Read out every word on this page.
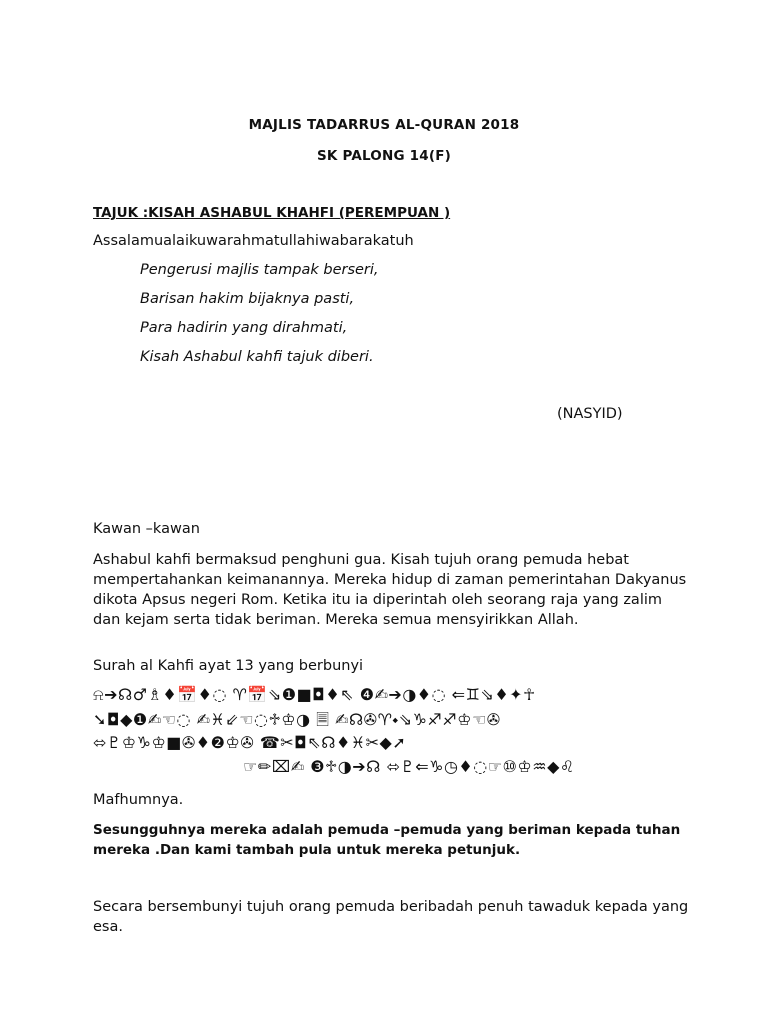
MAJLIS TADARRUS AL-QURAN 2018
SK PALONG 14(F)
TAJUK :KISAH ASHABUL KHAHFI (PEREMPUAN )
Assalamualaikuwarahmatullahiwabarakatuh
Pengerusi majlis tampak berseri,
Barisan hakim bijaknya pasti,
Para hadirin yang dirahmati,
Kisah Ashabul kahfi tajuk diberi.
(NASYID)
Kawan –kawan
Ashabul kahfi bermaksud penghuni gua. Kisah tujuh orang pemuda hebat mempertahankan keimanannya. Mereka hidup di zaman pemerintahan Dakyanus dikota Apsus negeri Rom. Ketika itu ia diperintah oleh seorang raja yang zalim dan kejam serta tidak beriman. Mereka semua mensyirikkan Allah.
Surah al Kahfi ayat 13 yang berbunyi
⍾➔☊♂♗♦📅♦◌ ♈📅⇘❶■◘♦⇖ ❹✍➔◑♦◌ ⇐♊⇘♦✦☥
➘◘◆❶✍☜◌ ✍♓⇙☜◌♱♔◑ 🗏 ✍☊✇♈⬩⇘♑♐♐♔☜✇
⬄♇♔♑♔■✇♦❷♔✇ ☎✂◘⇖☊♦♓✂◆➚
☞✏⌧✍ ❸♱◑➔☊ ⬄♇⇐♑◷♦◌☞⑩♔♒◆♌
Mafhumnya.
Sesungguhnya mereka adalah pemuda –pemuda yang beriman kepada tuhan mereka .Dan kami tambah pula untuk mereka petunjuk.
Secara bersembunyi tujuh orang pemuda beribadah penuh tawaduk kepada yang esa.
